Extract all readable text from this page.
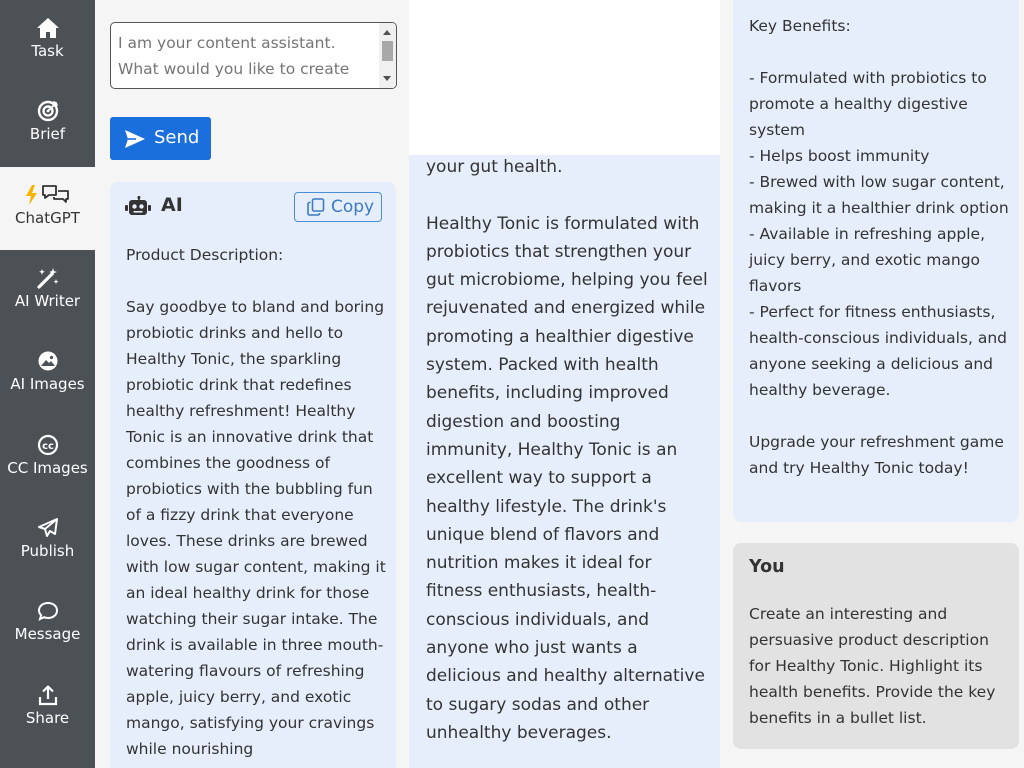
Task
Brief
ChatGPT
AI Writer
AI Images
cc
CC Images
Publish
Message
Share
I am your content assistant. What would you like to create
Send
AI	Copy
Product Description:

Say goodbye to bland and boring probiotic drinks and hello to Healthy Tonic, the sparkling probiotic drink that redefines healthy refreshment! Healthy Tonic is an innovative drink that combines the goodness of probiotics with the bubbling fun of a fizzy drink that everyone loves. These drinks are brewed with low sugar content, making it an ideal healthy drink for those watching their sugar intake. The drink is available in three mouth-watering flavours of refreshing apple, juicy berry, and exotic mango, satisfying your cravings while nourishing
your gut health.

Healthy Tonic is formulated with probiotics that strengthen your gut microbiome, helping you feel rejuvenated and energized while promoting a healthier digestive system. Packed with health benefits, including improved digestion and boosting immunity, Healthy Tonic is an excellent way to support a healthy lifestyle. The drink's unique blend of flavors and nutrition makes it ideal for fitness enthusiasts, health-conscious individuals, and anyone who just wants a delicious and healthy alternative to sugary sodas and other unhealthy beverages.
Key Benefits:

- Formulated with probiotics to promote a healthy digestive system
- Helps boost immunity
- Brewed with low sugar content, making it a healthier drink option
- Available in refreshing apple, juicy berry, and exotic mango flavors
- Perfect for fitness enthusiasts, health-conscious individuals, and anyone seeking a delicious and healthy beverage.

Upgrade your refreshment game and try Healthy Tonic today!
You
Create an interesting and persuasive product description for Healthy Tonic. Highlight its health benefits. Provide the key benefits in a bullet list.
